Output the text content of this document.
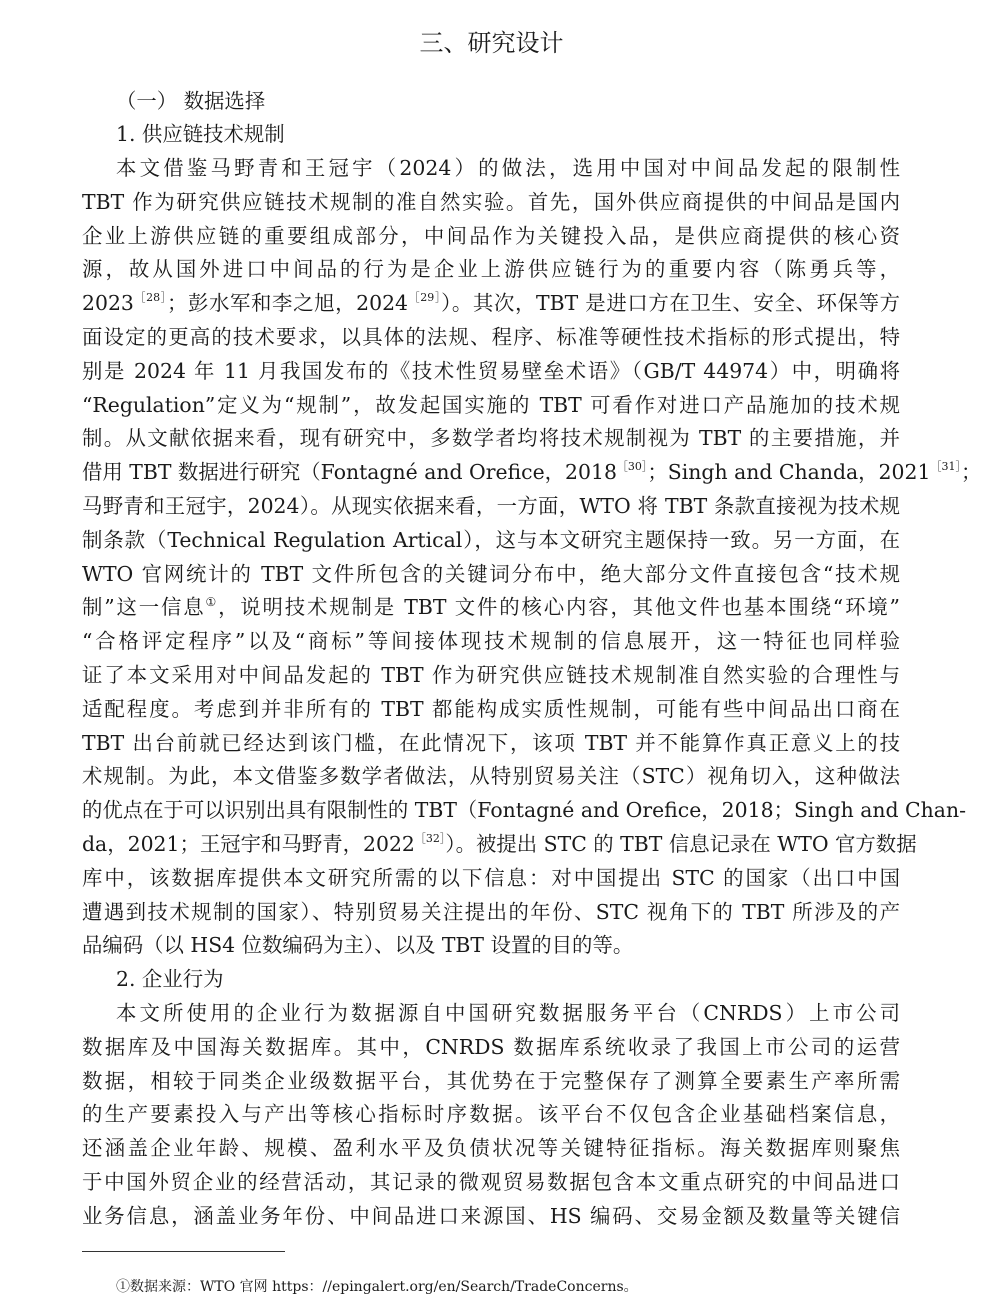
三、研究设计
（一） 数据选择
1. 供应链技术规制
本文借鉴马野青和王冠宇（2024）的做法，选用中国对中间品发起的限制性
TBT 作为研究供应链技术规制的准自然实验。首先，国外供应商提供的中间品是国内
企业上游供应链的重要组成部分，中间品作为关键投入品，是供应商提供的核心资
源，故从国外进口中间品的行为是企业上游供应链行为的重要内容（陈勇兵等，
2023$^{[28]}$；彭水军和李之旭，2024$^{[29]}$）。其次，TBT 是进口方在卫生、安全、环保等方
面设定的更高的技术要求，以具体的法规、程序、标准等硬性技术指标的形式提出，特
别是 2024 年 11 月我国发布的《技术性贸易壁垒术语》（GB/T 44974）中，明确将
“Regulation”定义为“规制”，故发起国实施的 TBT 可看作对进口产品施加的技术规
制。从文献依据来看，现有研究中，多数学者均将技术规制视为 TBT 的主要措施，并
借用 TBT 数据进行研究（Fontagné and Orefice，2018$^{[30]}$；Singh and Chanda，2021$^{[31]}$；
马野青和王冠宇，2024）。从现实依据来看，一方面，WTO 将 TBT 条款直接视为技术规
制条款（Technical Regulation Artical），这与本文研究主题保持一致。另一方面，在
WTO 官网统计的 TBT 文件所包含的关键词分布中，绝大部分文件直接包含“技术规
制”这一信息①，说明技术规制是 TBT 文件的核心内容，其他文件也基本围绕“环境”
“合格评定程序”以及“商标”等间接体现技术规制的信息展开，这一特征也同样验
证了本文采用对中间品发起的 TBT 作为研究供应链技术规制准自然实验的合理性与
适配程度。考虑到并非所有的 TBT 都能构成实质性规制，可能有些中间品出口商在
TBT 出台前就已经达到该门槛，在此情况下，该项 TBT 并不能算作真正意义上的技
术规制。为此，本文借鉴多数学者做法，从特别贸易关注（STC）视角切入，这种做法
的优点在于可以识别出具有限制性的 TBT（Fontagné and Orefice，2018；Singh and Chan-
da，2021；王冠宇和马野青，2022$^{[32]}$）。被提出 STC 的 TBT 信息记录在 WTO 官方数据
库中，该数据库提供本文研究所需的以下信息：对中国提出 STC 的国家（出口中国
遭遇到技术规制的国家）、特别贸易关注提出的年份、STC 视角下的 TBT 所涉及的产
品编码（以 HS4 位数编码为主）、以及 TBT 设置的目的等。
2. 企业行为
本文所使用的企业行为数据源自中国研究数据服务平台（CNRDS）上市公司
数据库及中国海关数据库。其中，CNRDS 数据库系统收录了我国上市公司的运营
数据，相较于同类企业级数据平台，其优势在于完整保存了测算全要素生产率所需
的生产要素投入与产出等核心指标时序数据。该平台不仅包含企业基础档案信息，
还涵盖企业年龄、规模、盈利水平及负债状况等关键特征指标。海关数据库则聚焦
于中国外贸企业的经营活动，其记录的微观贸易数据包含本文重点研究的中间品进口
业务信息，涵盖业务年份、中间品进口来源国、HS 编码、交易金额及数量等关键信
①数据来源：WTO 官网 https：//epingalert.org/en/Search/TradeConcerns。
